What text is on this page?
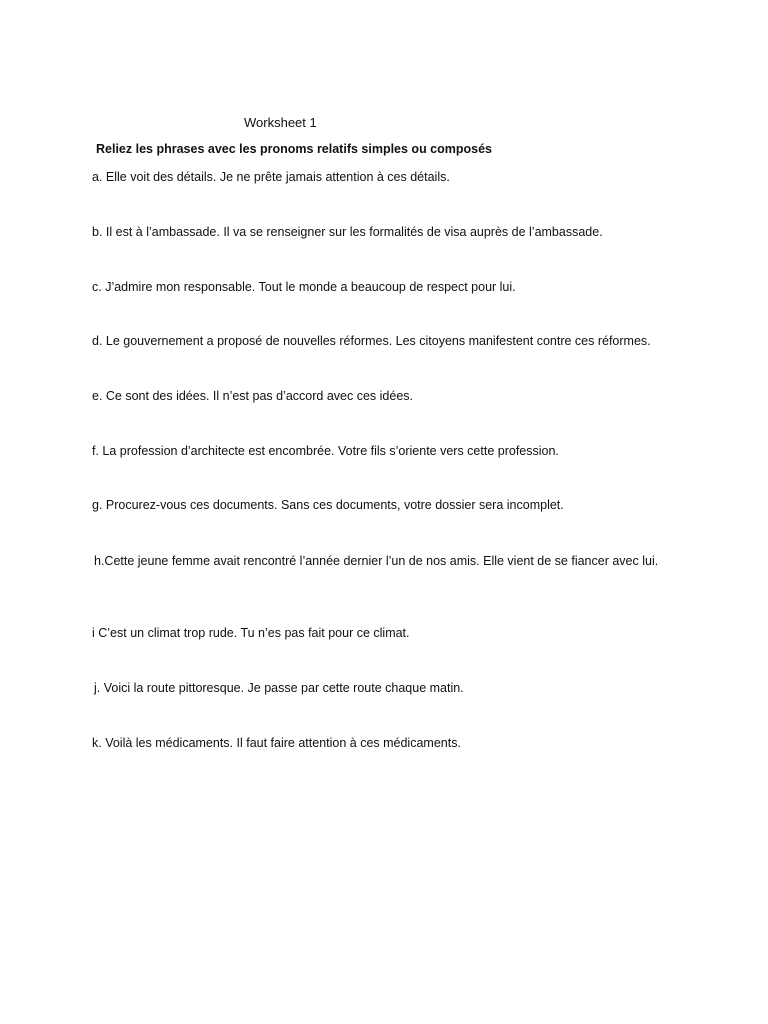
Worksheet 1
Reliez les phrases avec les pronoms relatifs simples ou composés
a. Elle voit des détails. Je ne prête jamais attention à ces détails.
b. Il est à l’ambassade. Il va se renseigner sur les formalités de visa auprès de l’ambassade.
c. J’admire mon responsable. Tout le monde a beaucoup de respect pour lui.
d. Le gouvernement a proposé de nouvelles réformes. Les citoyens manifestent contre ces réformes.
e. Ce sont des idées. Il n’est pas d’accord avec ces idées.
f. La profession d’architecte est encombrée. Votre fils s’oriente vers cette profession.
g. Procurez-vous ces documents. Sans ces documents, votre dossier sera incomplet.
h.Cette jeune femme avait rencontré l’année dernier l’un de nos amis. Elle vient de se fiancer avec lui.
i C’est un climat trop rude. Tu n’es pas fait pour ce climat.
j. Voici la route pittoresque. Je passe par cette route chaque matin.
k. Voilà les médicaments. Il faut faire attention à ces médicaments.
